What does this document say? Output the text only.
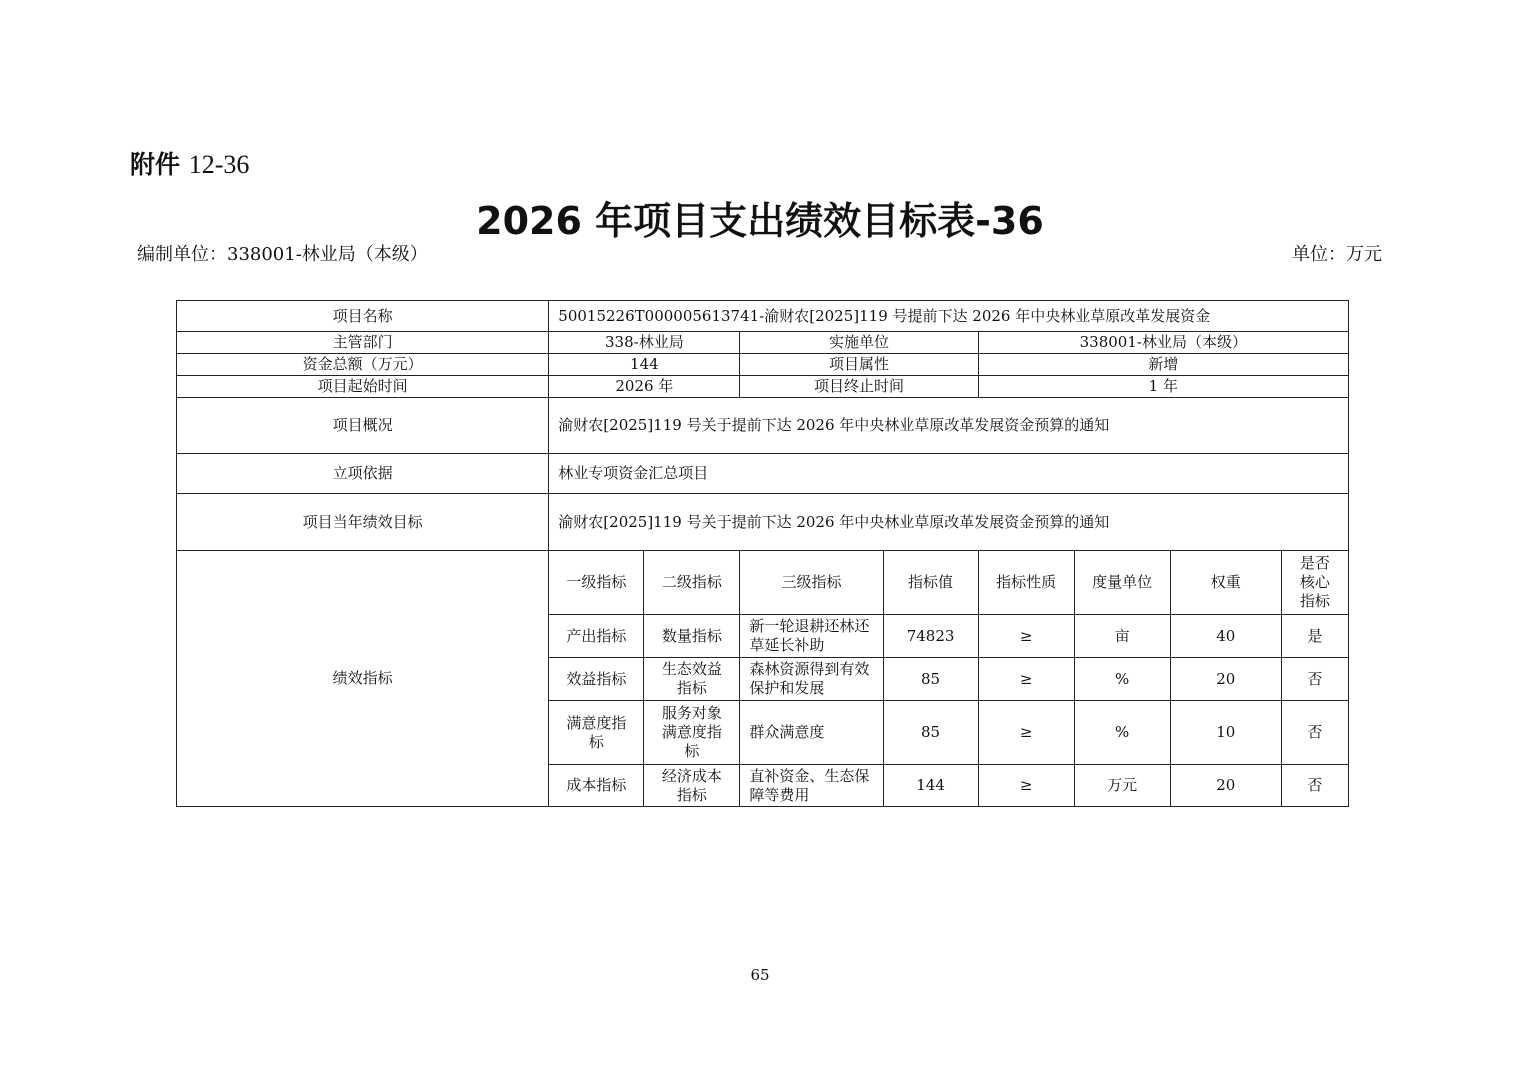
附件 12-36
2026 年项目支出绩效目标表-36
编制单位：338001-林业局（本级）	单位：万元
项目名称	50015226T000005613741-渝财农[2025]119 号提前下达 2026 年中央林业草原改革发展资金							
主管部门	338-林业局		实施单位		338001-林业局（本级）			
资金总额（万元）	144		项目属性		新增			
项目起始时间	2026 年		项目终止时间		1 年			
项目概况	渝财农[2025]119 号关于提前下达 2026 年中央林业草原改革发展资金预算的通知							
立项依据	林业专项资金汇总项目							
项目当年绩效目标	渝财农[2025]119 号关于提前下达 2026 年中央林业草原改革发展资金预算的通知							
绩效指标	一级指标	二级指标	三级指标	指标值	指标性质	度量单位	权重	是否核心指标
	产出指标	数量指标	新一轮退耕还林还草延长补助	74823	≥	亩	40	是
	效益指标	生态效益指标	森林资源得到有效保护和发展	85	≥	%	20	否
	满意度指标	服务对象满意度指标	群众满意度	85	≥	%	10	否
	成本指标	经济成本指标	直补资金、生态保障等费用	144	≥	万元	20	否
65
